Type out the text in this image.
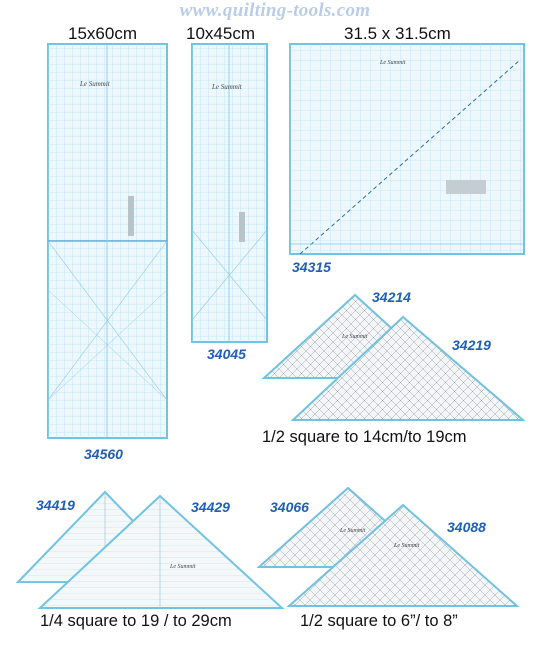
www.quilting-tools.com
15x60cm	10x45cm	31.5 x 31.5cm
Le Summit	Le Summit
Le Summit
Le Summit
Le Summit
Le Summit
Le Summit
34560
34045
34315
34214
34219
34419	34429	34066
34088
1/2 square to 14cm/to 19cm
1/4 square to 19 / to 29cm	1/2 square to 6”/ to 8”
